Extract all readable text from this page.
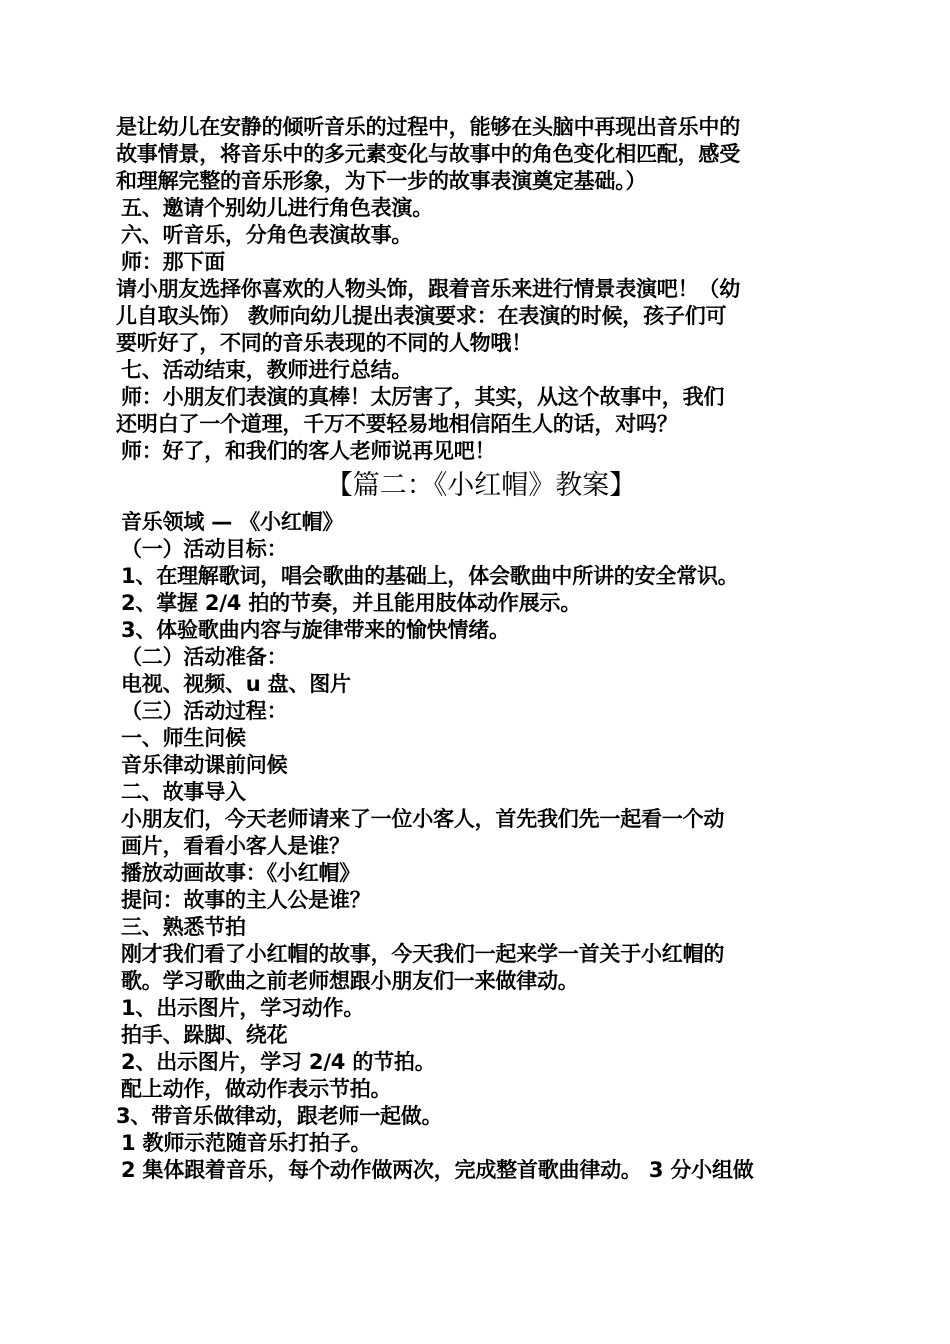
是让幼儿在安静的倾听音乐的过程中，能够在头脑中再现出音乐中的
故事情景，将音乐中的多元素变化与故事中的角色变化相匹配，感受
和理解完整的音乐形象，为下一步的故事表演奠定基础。）
五、邀请个别幼儿进行角色表演。
六、听音乐，分角色表演故事。
师：那下面
请小朋友选择你喜欢的人物头饰，跟着音乐来进行情景表演吧！（幼
儿自取头饰） 教师向幼儿提出表演要求：在表演的时候，孩子们可
要听好了，不同的音乐表现的不同的人物哦！
七、活动结束，教师进行总结。
师：小朋友们表演的真棒！太厉害了，其实，从这个故事中，我们
还明白了一个道理，千万不要轻易地相信陌生人的话，对吗？
师：好了，和我们的客人老师说再见吧！
【篇二：《小红帽》教案】
音乐领域 — 《小红帽》
（一）活动目标：
1、在理解歌词，唱会歌曲的基础上，体会歌曲中所讲的安全常识。
2、掌握 2/4 拍的节奏，并且能用肢体动作展示。
3、体验歌曲内容与旋律带来的愉快情绪。
（二）活动准备：
电视、视频、u 盘、图片
（三）活动过程：
一、师生问候
音乐律动课前问候
二、故事导入
小朋友们，今天老师请来了一位小客人，首先我们先一起看一个动
画片，看看小客人是谁？
播放动画故事：《小红帽》
提问：故事的主人公是谁？
三、熟悉节拍
刚才我们看了小红帽的故事，今天我们一起来学一首关于小红帽的
歌。学习歌曲之前老师想跟小朋友们一来做律动。
1、出示图片，学习动作。
拍手、跺脚、绕花
2、出示图片，学习 2/4 的节拍。
配上动作，做动作表示节拍。
3、带音乐做律动，跟老师一起做。
1 教师示范随音乐打拍子。
2 集体跟着音乐，每个动作做两次，完成整首歌曲律动。 3 分小组做
